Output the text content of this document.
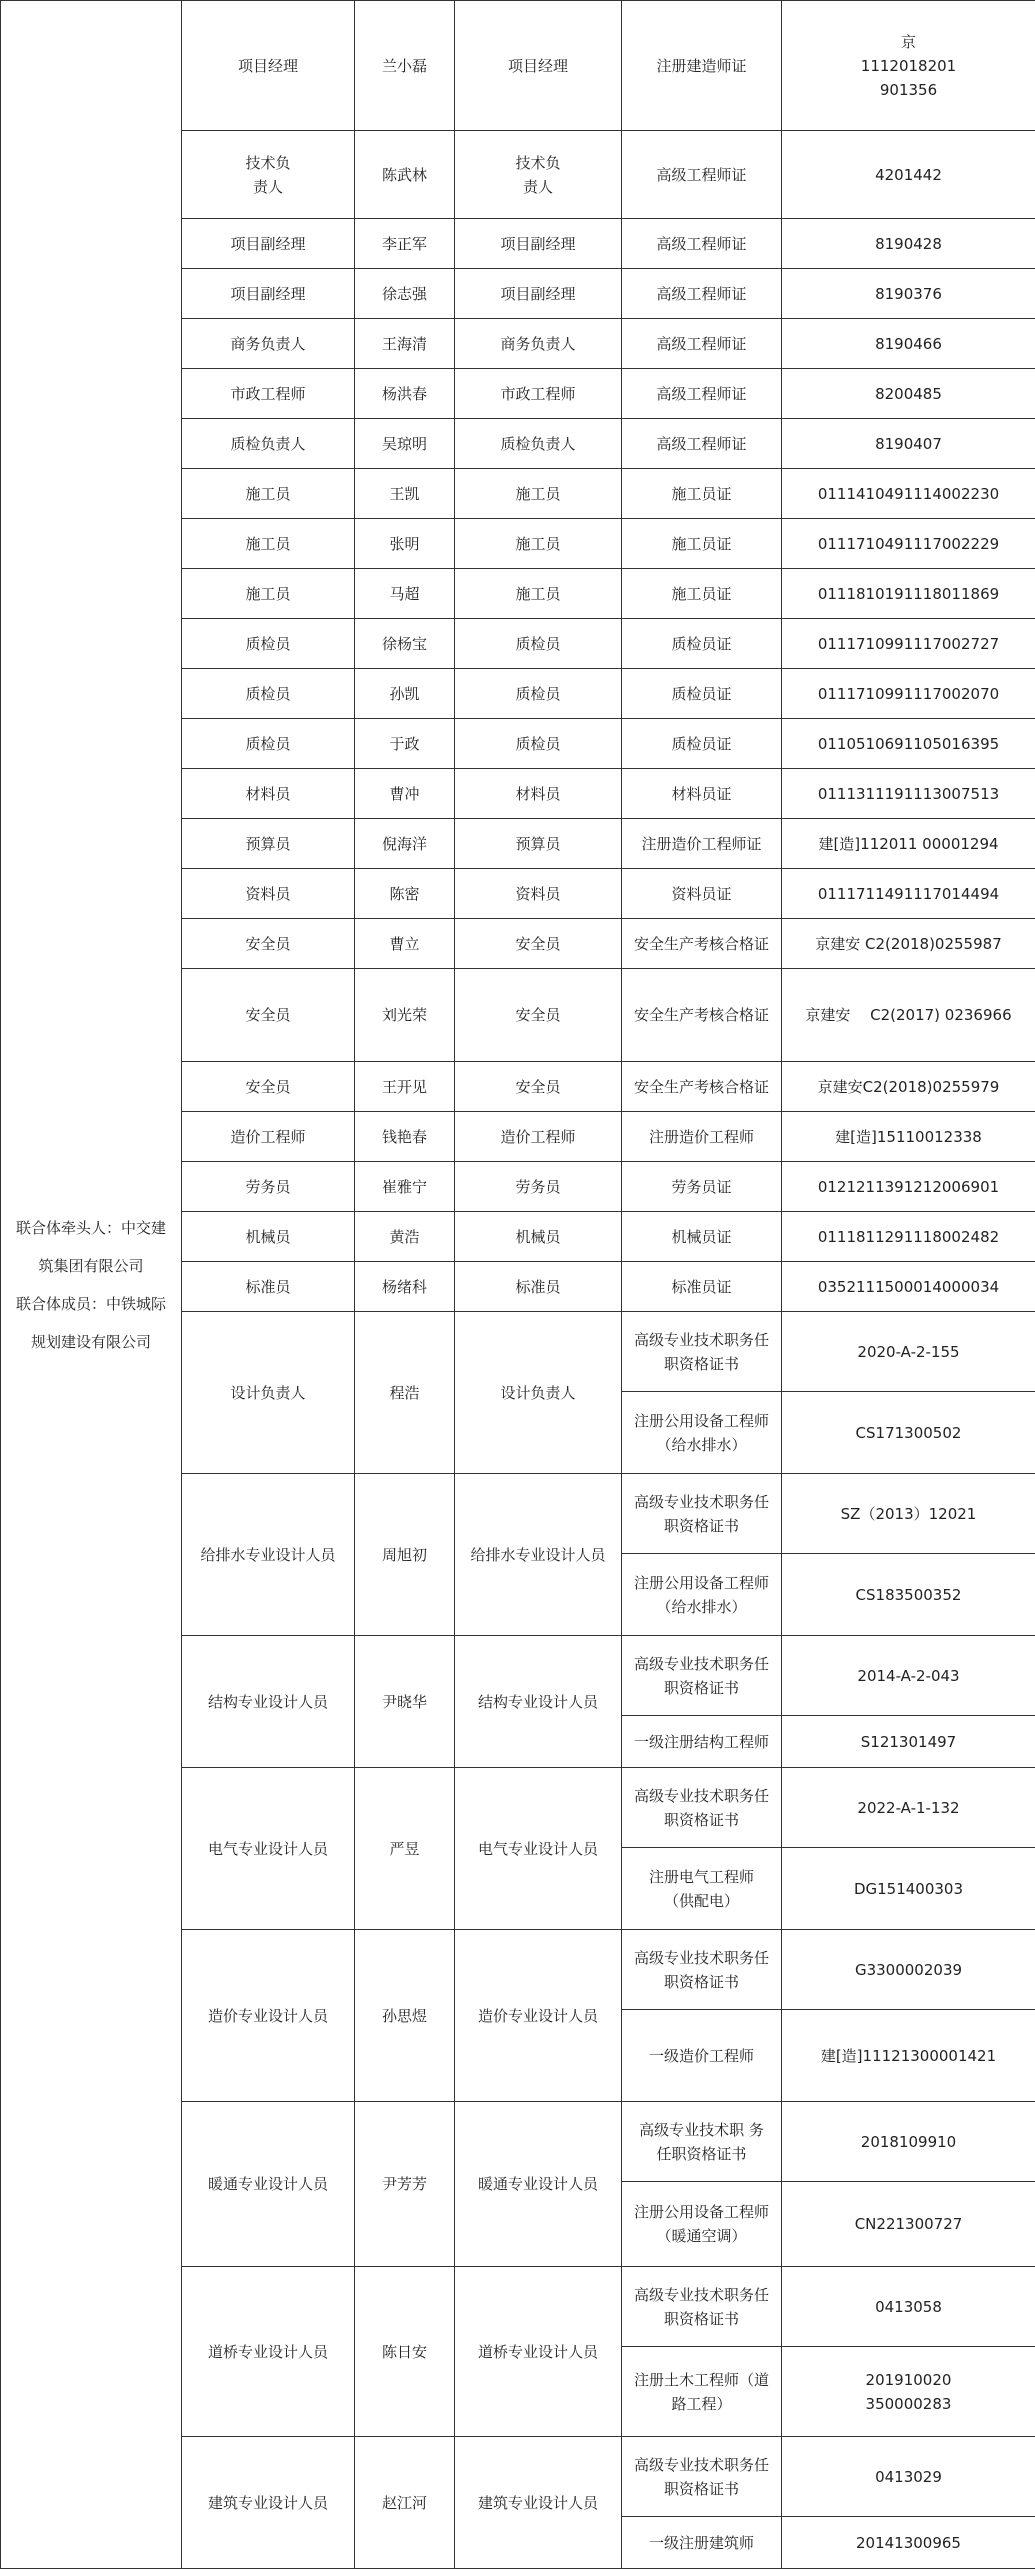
联合体牵头人：中交建
筑集团有限公司
联合体成员：中铁城际
规划建设有限公司	项目经理	兰小磊	项目经理	注册建造师证	京
1112018201
901356

	技术负
责人	陈武林	技术负
责人	高级工程师证	4201442

	项目副经理	李正军	项目副经理	高级工程师证	8190428

	项目副经理	徐志强	项目副经理	高级工程师证	8190376

	商务负责人	王海清	商务负责人	高级工程师证	8190466

	市政工程师	杨洪春	市政工程师	高级工程师证	8200485

	质检负责人	吴琼明	质检负责人	高级工程师证	8190407

	施工员	王凯	施工员	施工员证	01114104911140022​30

	施工员	张明	施工员	施工员证	0111710491117002229

	施工员	马超	施工员	施工员证	0111810191118011869

	质检员	徐杨宝	质检员	质检员证	0111710991117002727

	质检员	孙凯	质检员	质检员证	0111710991117002070

	质检员	于政	质检员	质检员证	0110510691105016395

	材料员	曹冲	材料员	材料员证	0111311191113007513

	预算员	倪海洋	预算员	注册造价工程师证	建[造]112011 00001294

	资料员	陈密	资料员	资料员证	0111711491117014494

	安全员	曹立	安全员	安全生产考核合格证	京建安 C2(2018)0255987

	安全员	刘光荣	安全员	安全生产考核合格证	京建安　 C2(2017) 0236966

	安全员	王开见	安全员	安全生产考核合格证	京建安C2(2018)0255979

	造价工程师	钱艳春	造价工程师	注册造价工程师	建[造]15110012338

	劳务员	崔雅宁	劳务员	劳务员证	0121211391212006901

	机械员	黄浩	机械员	机械员证	0111811291118002482

	标准员	杨绪科	标准员	标准员证	0352111500014000034

	设计负责人	程浩	设计负责人	高级专业技术职务任
职资格证书	2020-A-2-155

				注册公用设备工程师
（给水排水）	CS171300502

	给排水专业设计人员	周旭初	给排水专业设计人员	高级专业技术职务任
职资格证书	SZ（2013）12021

				注册公用设备工程师
（给水排水）	CS183500352

	结构专业设计人员	尹晓华	结构专业设计人员	高级专业技术职务任
职资格证书	2014-A-2-043

				一级注册结构工程师	S121301497

	电气专业设计人员	严昱	电气专业设计人员	高级专业技术职务任
职资格证书	2022-A-1-132

				注册电气工程师
（供配电）	DG151400303

	造价专业设计人员	孙思煜	造价专业设计人员	高级专业技术职务任
职资格证书	G3300002039

				一级造价工程师	建[造]11121300001421

	暖通专业设计人员	尹芳芳	暖通专业设计人员	高级专业技术职 务
任职资格证书	2018109910

				注册公用设备工程师
（暖通空调）	CN221300727

	道桥专业设计人员	陈日安	道桥专业设计人员	高级专业技术职务任
职资格证书	0413058

				注册土木工程师（道
路工程）	201910020
350000283

	建筑专业设计人员	赵江河	建筑专业设计人员	高级专业技术职务任
职资格证书	0413029

				一级注册建筑师	20141300965
